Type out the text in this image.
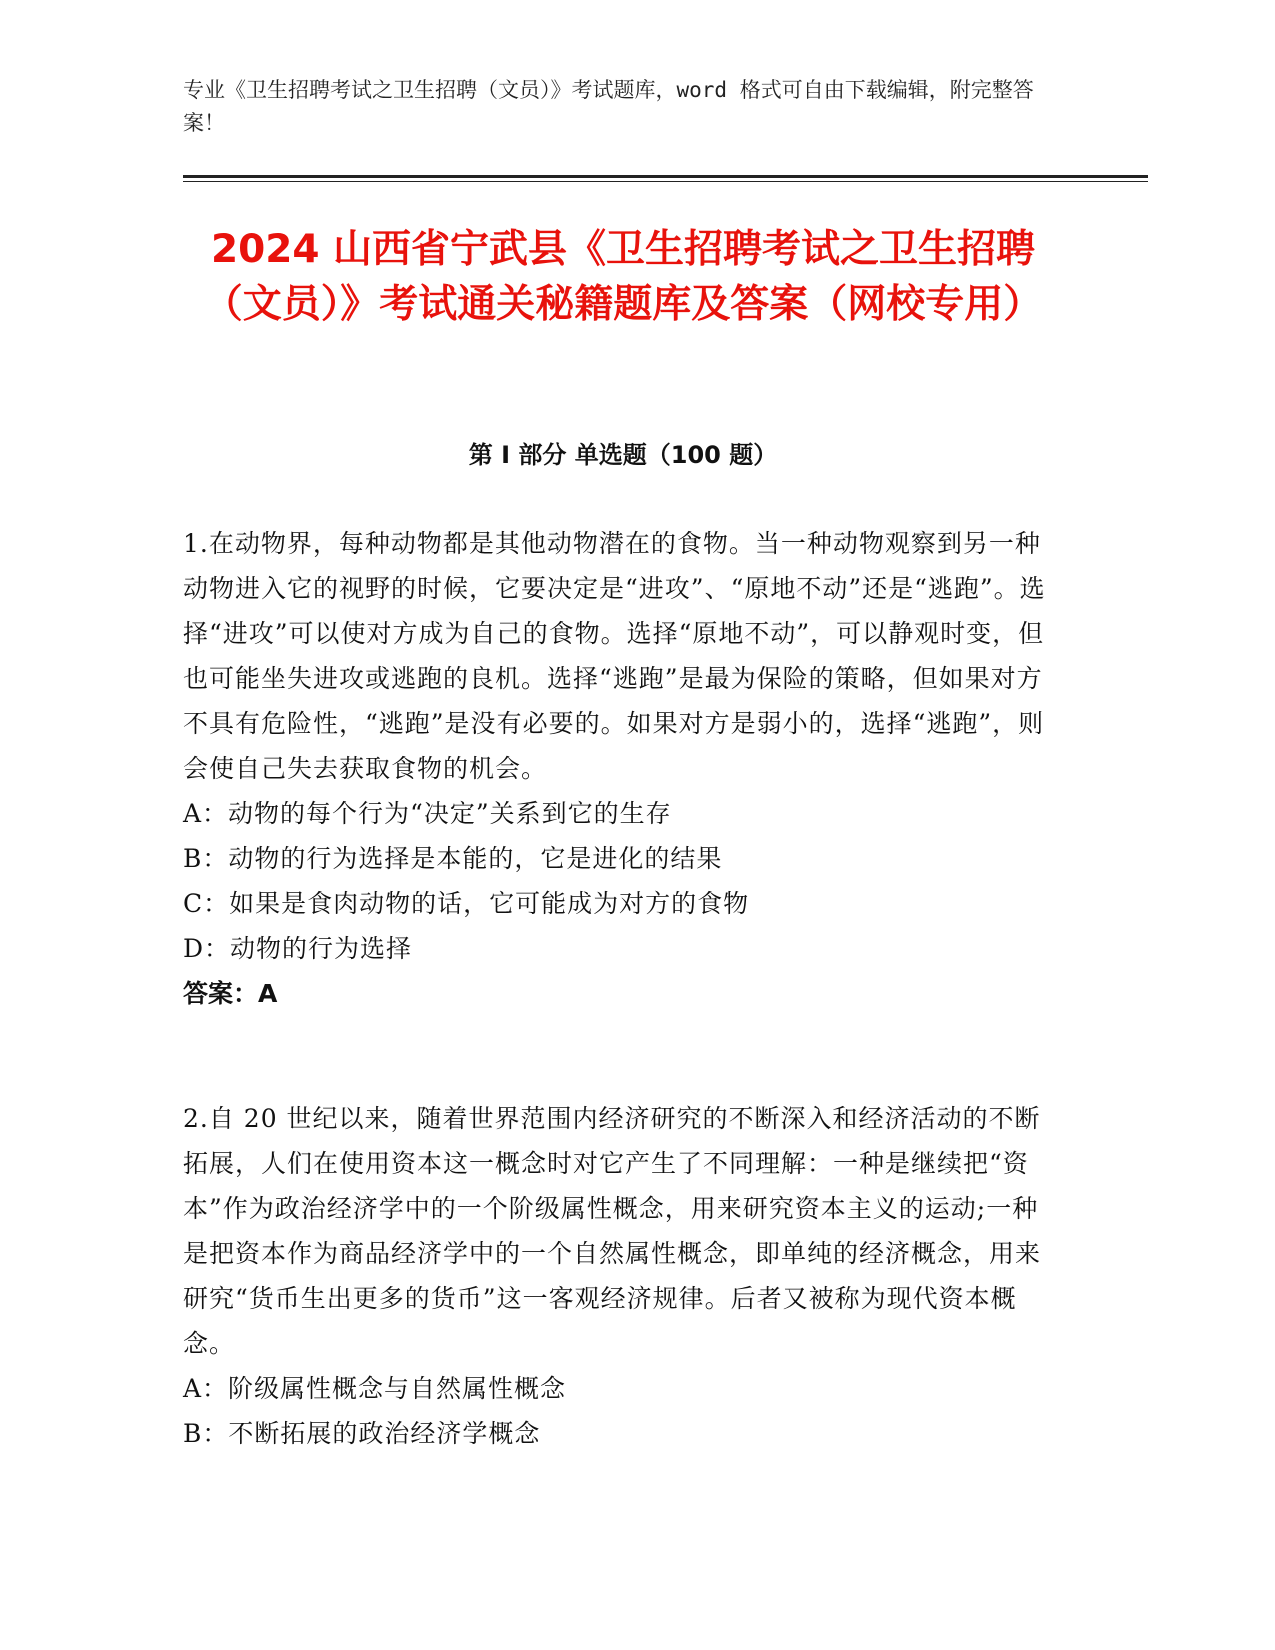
专业《卫生招聘考试之卫生招聘（文员）》考试题库，word 格式可自由下载编辑，附完整答案！

2024 山西省宁武县《卫生招聘考试之卫生招聘（文员）》考试通关秘籍题库及答案（网校专用）
第 I 部分 单选题（100 题）

1.在动物界，每种动物都是其他动物潜在的食物。当一种动物观察到另一种动物进入它的视野的时候，它要决定是“进攻”、“原地不动”还是“逃跑”。选择“进攻”可以使对方成为自己的食物。选择“原地不动”，可以静观时变，但也可能坐失进攻或逃跑的良机。选择“逃跑”是最为保险的策略，但如果对方不具有危险性，“逃跑”是没有必要的。如果对方是弱小的，选择“逃跑”，则会使自己失去获取食物的机会。

A：动物的每个行为“决定”关系到它的生存

B：动物的行为选择是本能的，它是进化的结果

C：如果是食肉动物的话，它可能成为对方的食物

D：动物的行为选择

答案：A

2.自 20 世纪以来，随着世界范围内经济研究的不断深入和经济活动的不断拓展，人们在使用资本这一概念时对它产生了不同理解：一种是继续把“资本”作为政治经济学中的一个阶级属性概念，用来研究资本主义的运动;一种是把资本作为商品经济学中的一个自然属性概念，即单纯的经济概念，用来研究“货币生出更多的货币”这一客观经济规律。后者又被称为现代资本概念。

A：阶级属性概念与自然属性概念

B：不断拓展的政治经济学概念
